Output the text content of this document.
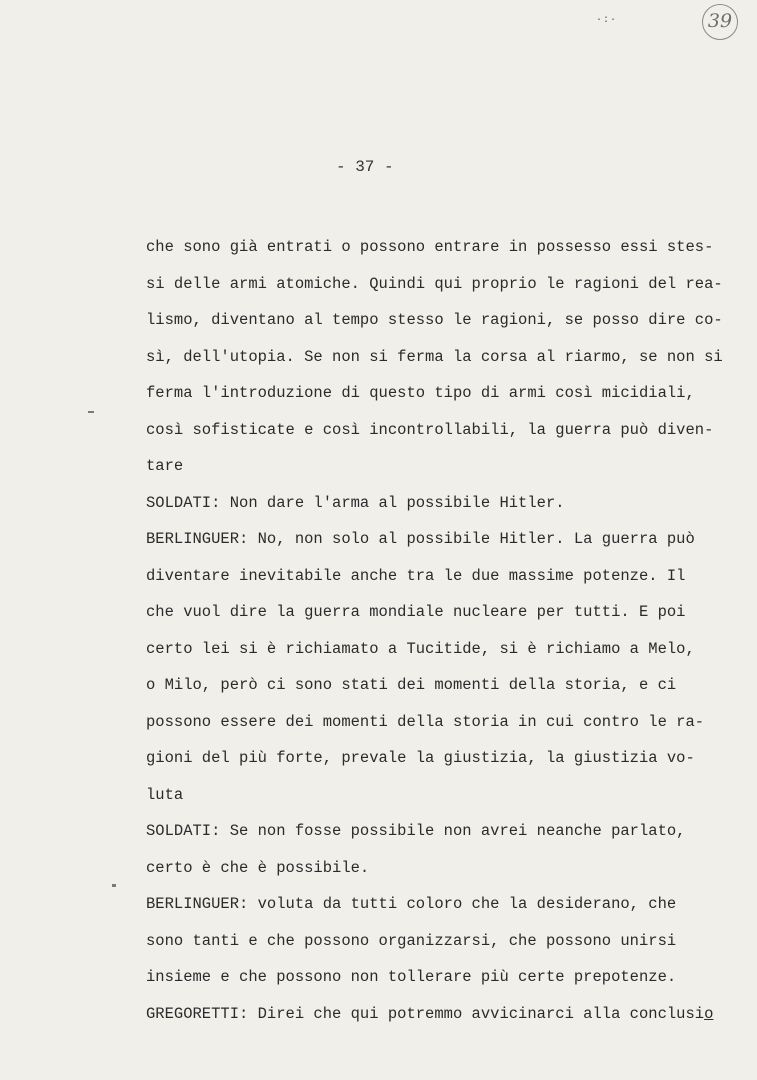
·:·	39
- 37 -
che sono già entrati o possono entrare in possesso essi stes-
si delle armi atomiche. Quindi qui proprio le ragioni del rea-
lismo, diventano al tempo stesso le ragioni, se posso dire co-
sì, dell'utopia. Se non si ferma la corsa al riarmo, se non si
ferma l'introduzione di questo tipo di armi così micidiali,
così sofisticate e così incontrollabili, la guerra può diven-
tare
SOLDATI: Non dare l'arma al possibile Hitler.
BERLINGUER: No, non solo al possibile Hitler. La guerra può
diventare inevitabile anche tra le due massime potenze. Il
che vuol dire la guerra mondiale nucleare per tutti. E poi
certo lei si è richiamato a Tucitide, si è richiamo a Melo,
o Milo, però ci sono stati dei momenti della storia, e ci
possono essere dei momenti della storia in cui contro le ra-
gioni del più forte, prevale la giustizia, la giustizia vo-
luta
SOLDATI: Se non fosse possibile non avrei neanche parlato,
certo è che è possibile.
BERLINGUER: voluta da tutti coloro che la desiderano, che
sono tanti e che possono organizzarsi, che possono unirsi
insieme e che possono non tollerare più certe prepotenze.
GREGORETTI: Direi che qui potremmo avvicinarci alla conclusio
